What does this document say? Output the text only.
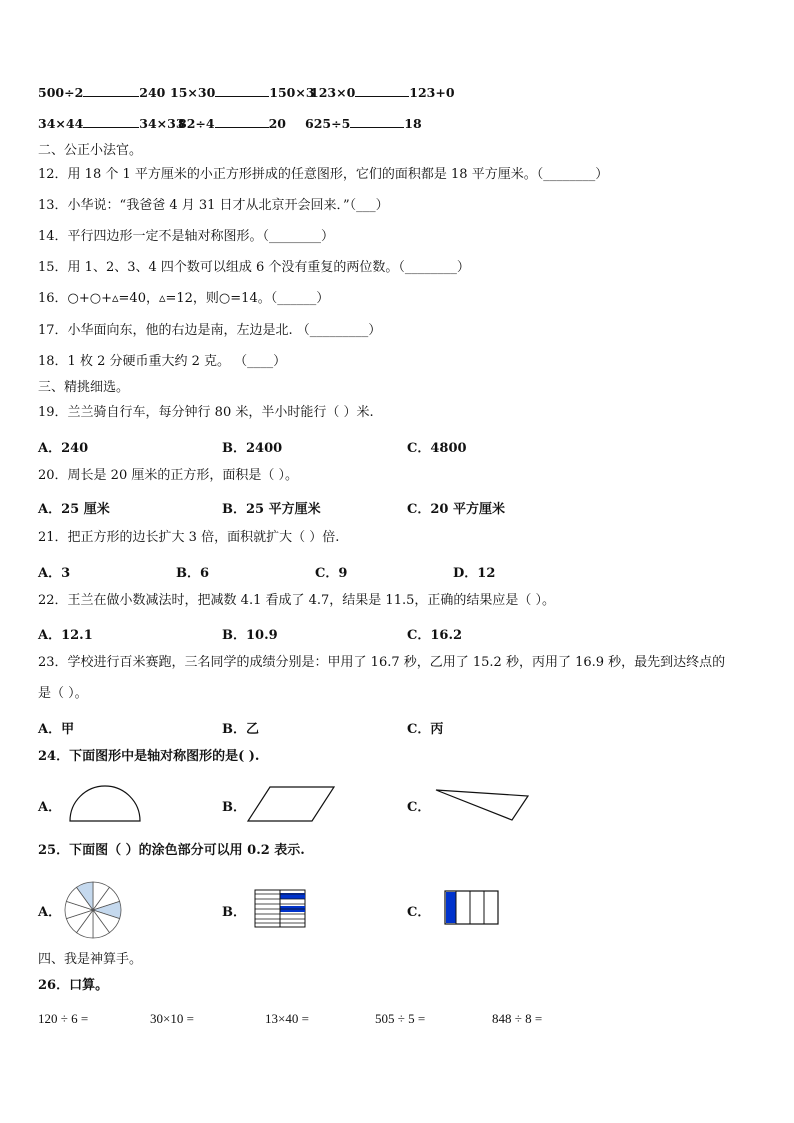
500÷2	240 15×30	150×3
123×0	123+0
34×44	34×33
82÷4	20 625÷5	18
二、公正小法官。
12．用 18 个 1 平方厘米的小正方形拼成的任意图形，它们的面积都是 18 平方厘米。（________）
13．小华说：“我爸爸 4 月 31 日才从北京开会回来．”（___）
14．平行四边形一定不是轴对称图形。（________）
15．用 1、2、3、4 四个数可以组成 6 个没有重复的两位数。（________）
16．○+○+▵=40，▵=12，则○=14。（______）
17．小华面向东，他的右边是南，左边是北. （_________）
18．1 枚 2 分硬币重大约 2 克。 （____）
三、精挑细选。
19．兰兰骑自行车，每分钟行 80 米，半小时能行（ ）米.
A．240	B．2400	C．4800
20．周长是 20 厘米的正方形，面积是（ ）。
A．25 厘米	B．25 平方厘米	C．20 平方厘米
21．把正方形的边长扩大 3 倍，面积就扩大（ ）倍.
A．3	B．6	C．9	D．12
22．王兰在做小数减法时，把减数 4.1 看成了 4.7，结果是 11.5，正确的结果应是（ ）。
A．12.1	B．10.9	C．16.2
23．学校进行百米赛跑，三名同学的成绩分别是：甲用了 16.7 秒，乙用了 15.2 秒，丙用了 16.9 秒，最先到达终点的
是（ ）。
A．甲	B．乙	C．丙
24．下面图形中是轴对称图形的是( ).
A．	B．	C．
25．下面图（ ）的涂色部分可以用 0.2 表示.
A．	B．	C．
四、我是神算手。
26．口算。
120 ÷ 6 =	30×10 =	13×40 =	505 ÷ 5 =	848 ÷ 8 =
